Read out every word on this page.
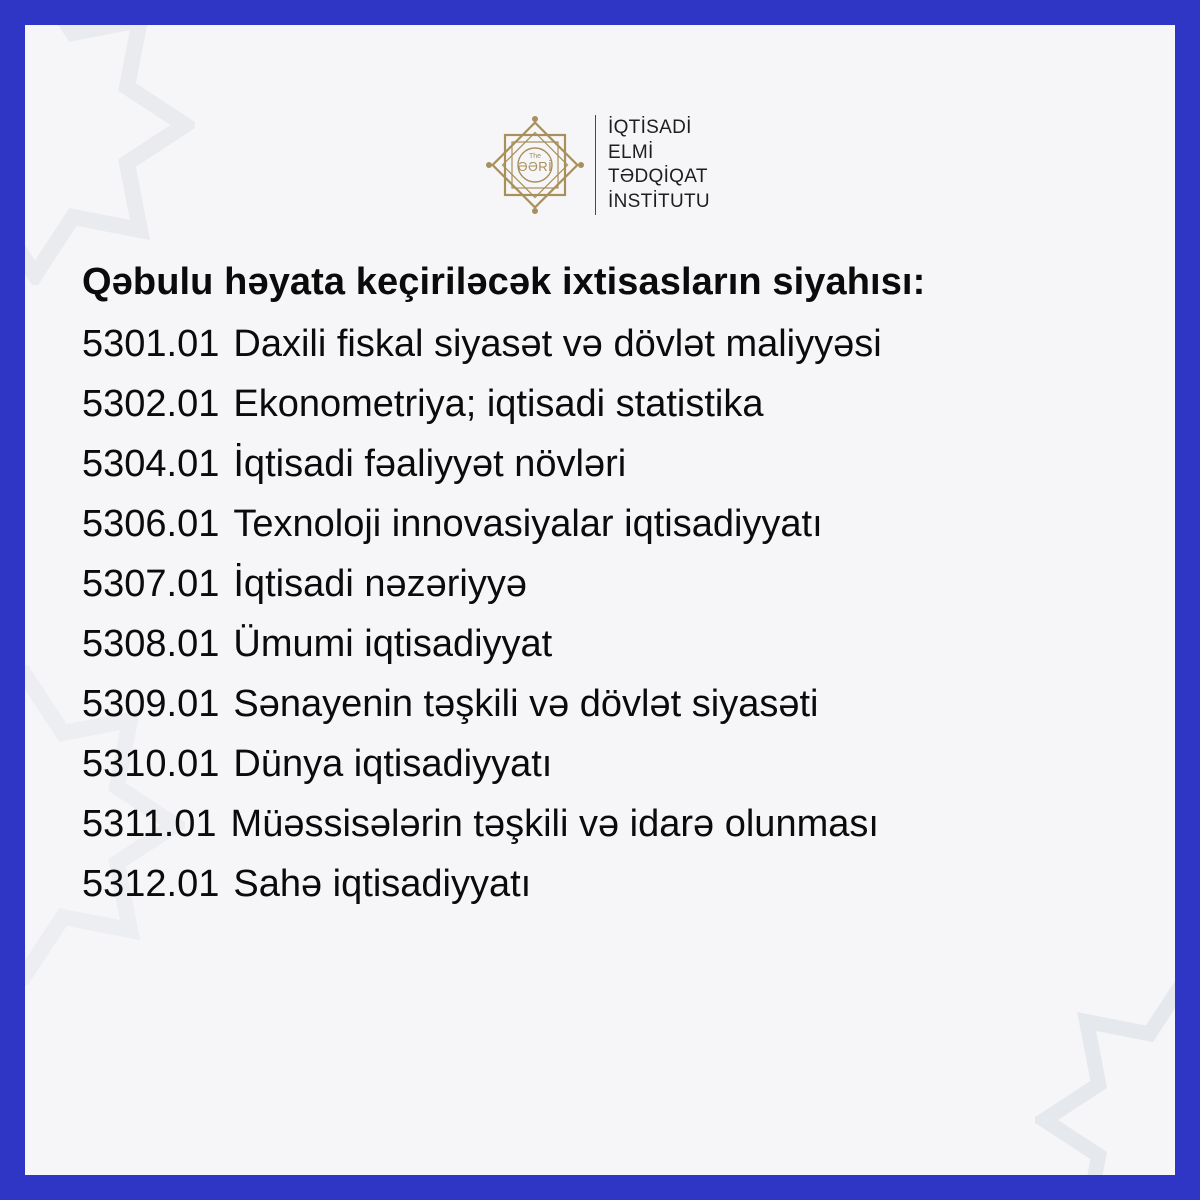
The
ƏƏRİ
İQTİSADİ
ELMİ
TƏDQİQAT
İNSTİTUTU
Qəbulu həyata keçiriləcək ixtisasların siyahısı:
5301.01 Daxili fiskal siyasət və dövlət maliyyəsi
5302.01 Ekonometriya; iqtisadi statistika
5304.01 İqtisadi fəaliyyət növləri
5306.01 Texnoloji innovasiyalar iqtisadiyyatı
5307.01 İqtisadi nəzəriyyə
5308.01 Ümumi iqtisadiyyat
5309.01 Sənayenin təşkili və dövlət siyasəti
5310.01 Dünya iqtisadiyyatı
5311.01 Müəssisələrin təşkili və idarə olunması
5312.01 Sahə iqtisadiyyatı
